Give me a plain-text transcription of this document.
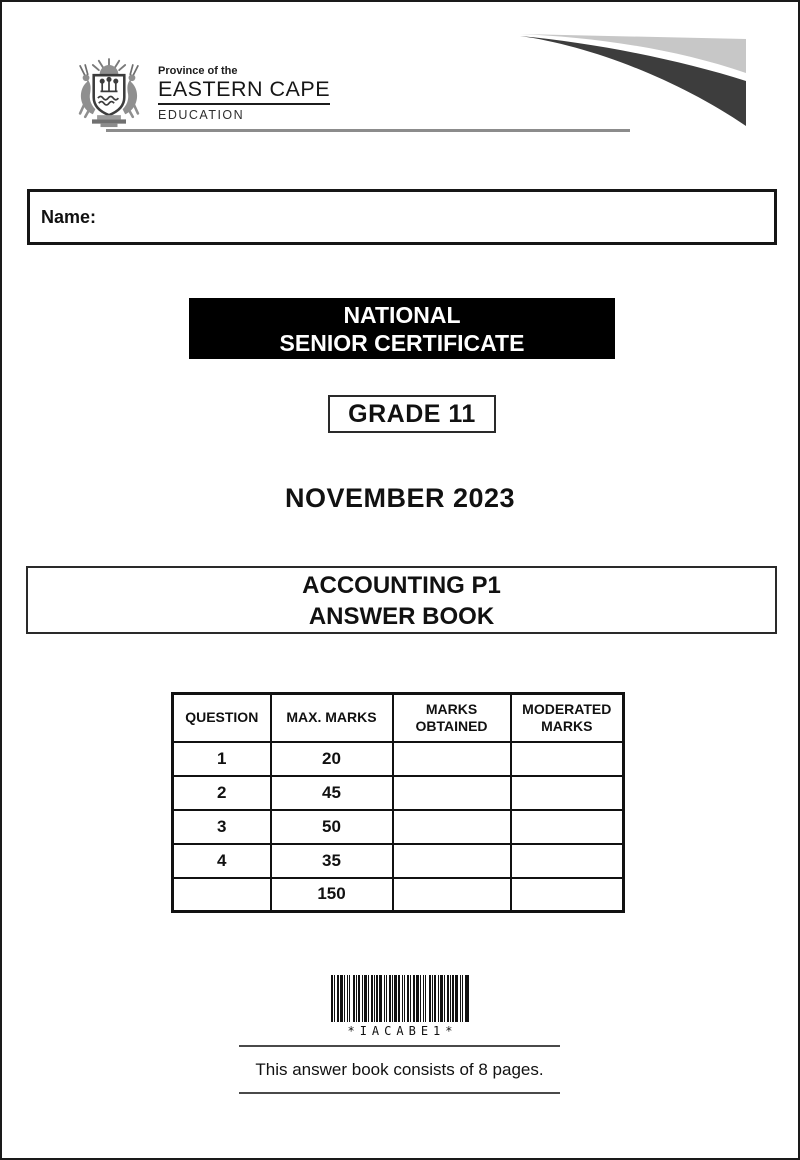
Province of the
EASTERN CAPE
EDUCATION
Name:
NATIONAL
SENIOR CERTIFICATE
GRADE 11
NOVEMBER 2023
ACCOUNTING P1
ANSWER BOOK
QUESTION	MAX. MARKS	MARKS OBTAINED	MODERATED MARKS
1	20		
2	45		
3	50		
4	35		
	150		
*IACABE1*
This answer book consists of 8 pages.
